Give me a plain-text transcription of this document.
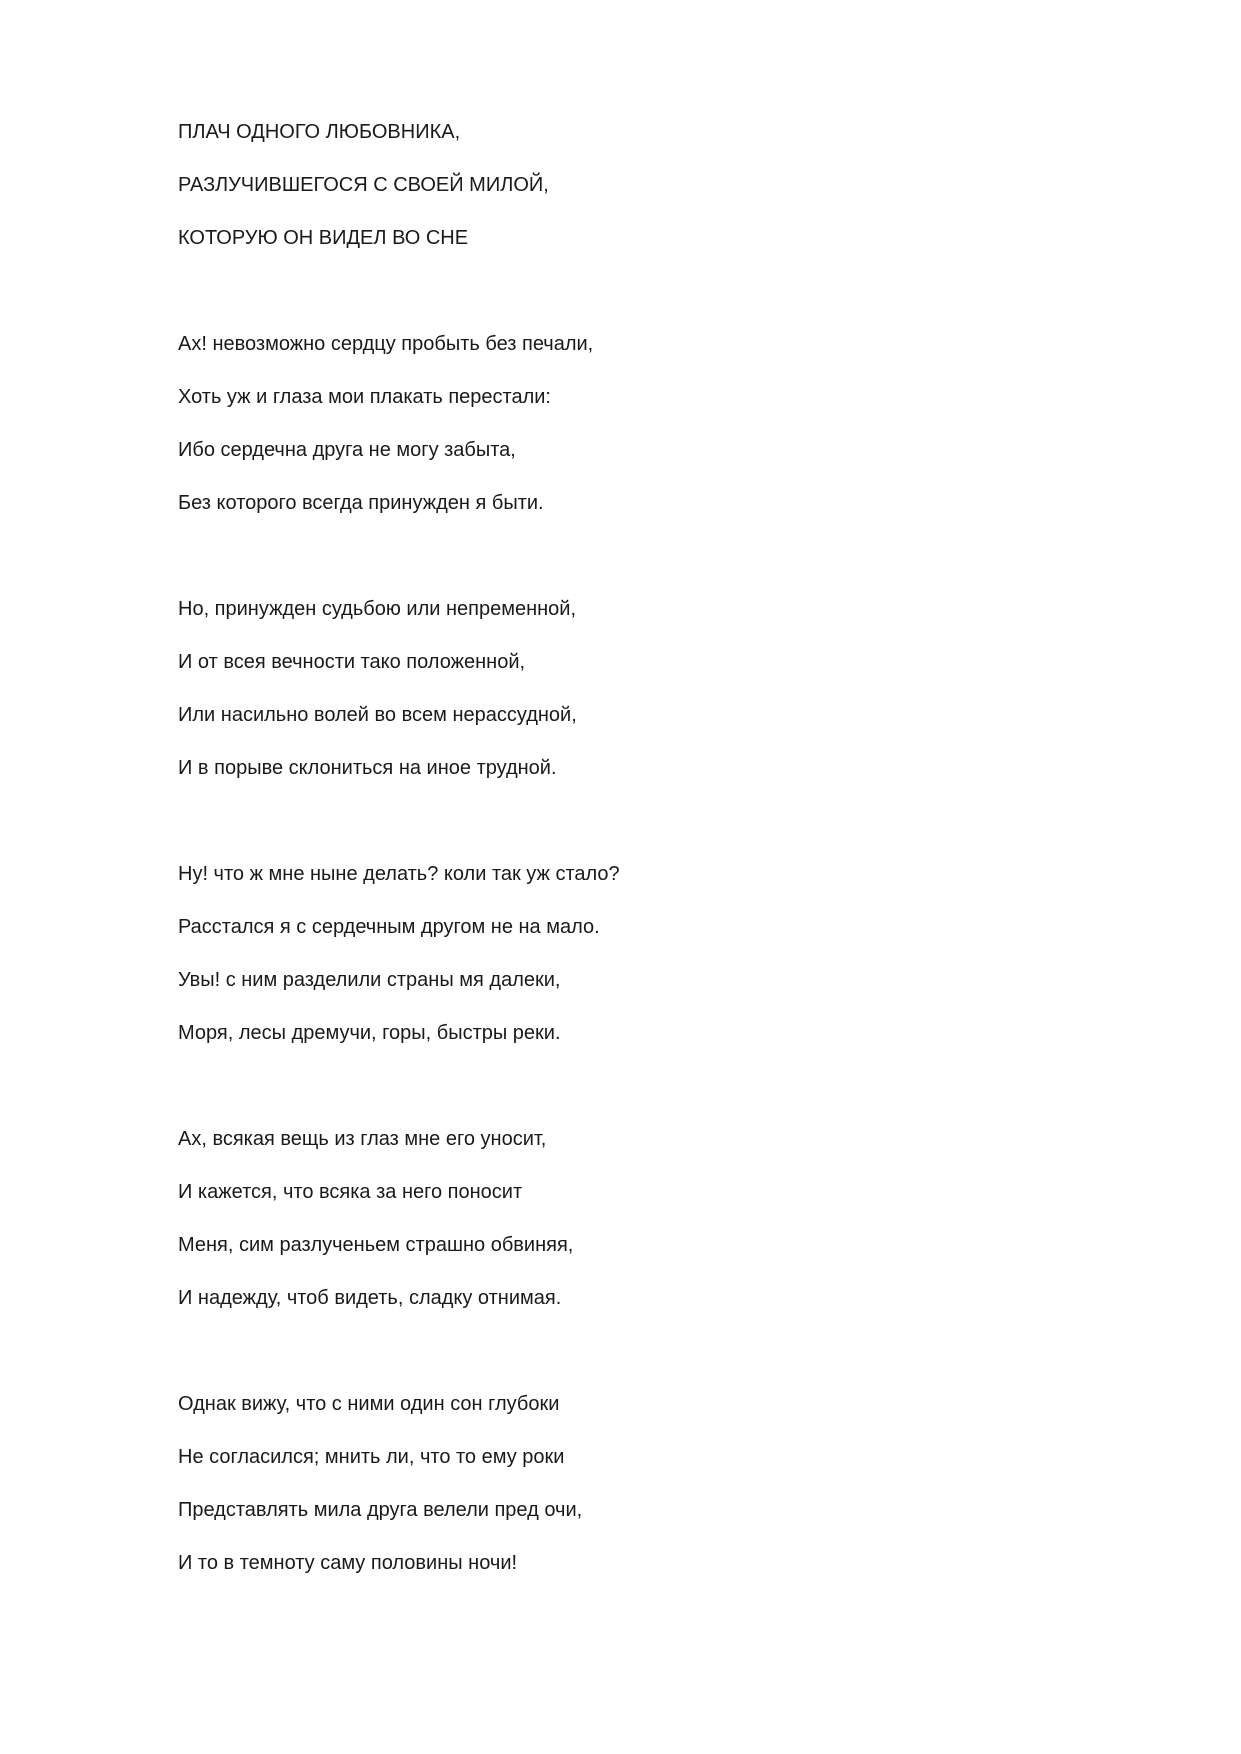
ПЛАЧ ОДНОГО ЛЮБОВНИКА,
РАЗЛУЧИВШЕГОСЯ С СВОЕЙ МИЛОЙ,
КОТОРУЮ ОН ВИДЕЛ ВО СНЕ
Ах! невозможно сердцу пробыть без печали,
Хоть уж и глаза мои плакать перестали:
Ибо сердечна друга не могу забыта,
Без которого всегда принужден я быти.
Но, принужден судьбою или непременной,
И от всея вечности тако положенной,
Или насильно волей во всем нерассудной,
И в порыве склониться на иное трудной.
Ну! что ж мне ныне делать? коли так уж стало?
Расстался я с сердечным другом не на мало.
Увы! с ним разделили страны мя далеки,
Моря, лесы дремучи, горы, быстры реки.
Ах, всякая вещь из глаз мне его уносит,
И кажется, что всяка за него поносит
Меня, сим разлученьем страшно обвиняя,
И надежду, чтоб видеть, сладку отнимая.
Однак вижу, что с ними один сон глубоки
Не согласился; мнить ли, что то ему роки
Представлять мила друга велели пред очи,
И то в темноту саму половины ночи!
